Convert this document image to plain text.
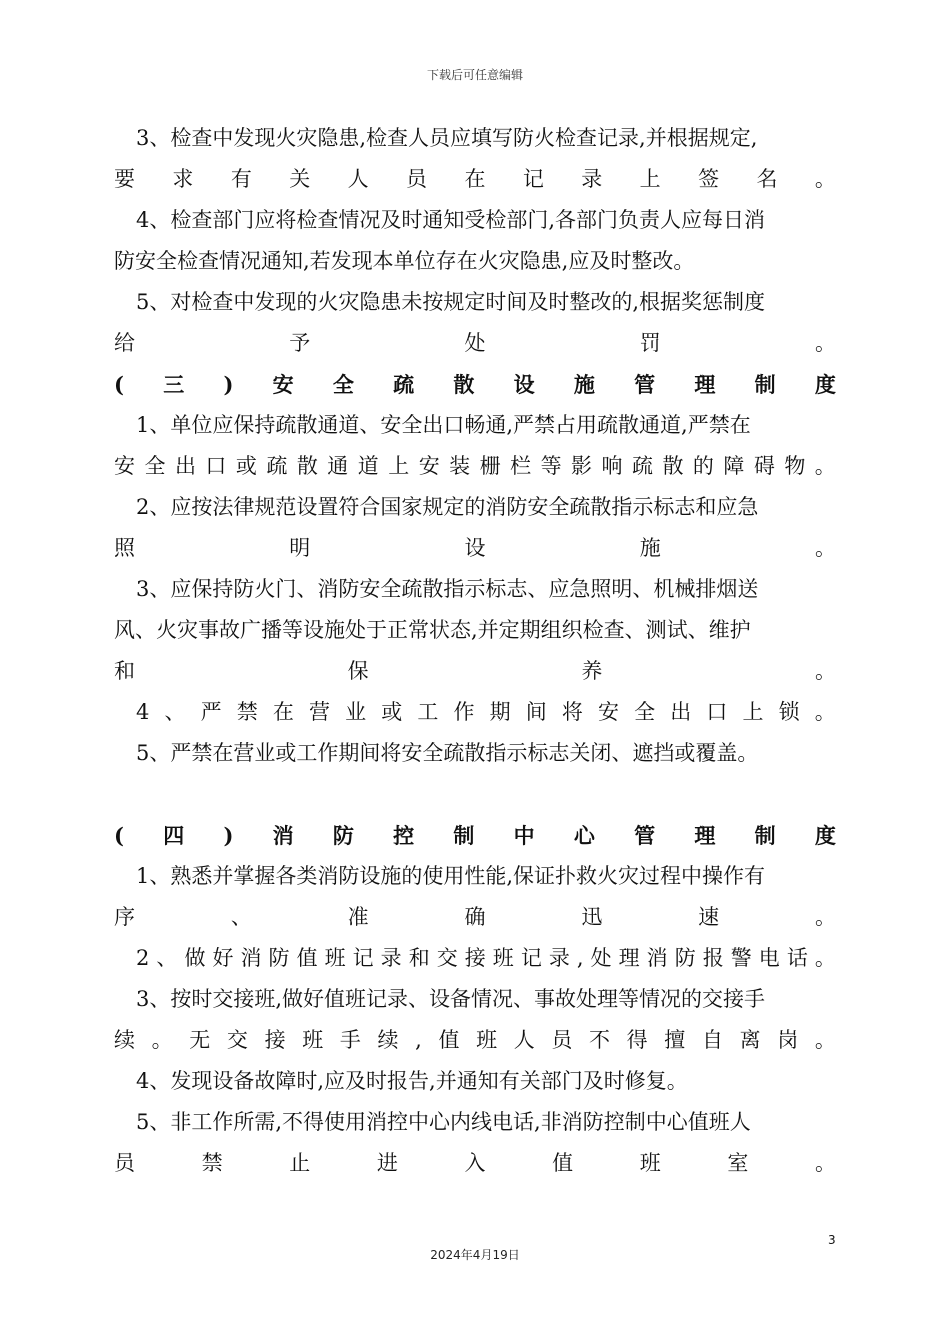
下载后可任意编辑
3、检查中发现火灾隐患,检查人员应填写防火检查记录,并根据规定,
要 求 有 关 人 员 在 记 录 上 签 名 。
4、检查部门应将检查情况及时通知受检部门,各部门负责人应每日消
防安全检查情况通知,若发现本单位存在火灾隐患,应及时整改。
5、对检查中发现的火灾隐患未按规定时间及时整改的,根据奖惩制度
给	予	处	罚	。
( 三 ) 安 全 疏 散 设 施 管 理 制 度
1、单位应保持疏散通道、安全出口畅通,严禁占用疏散通道,严禁在
安 全 出 口 或 疏 散 通 道 上 安 装 栅 栏 等 影 响 疏 散 的 障 碍 物 。
2、应按法律规范设置符合国家规定的消防安全疏散指示标志和应急
照	明	设	施	。
3、应保持防火门、消防安全疏散指示标志、应急照明、机械排烟送
风、火灾事故广播等设施处于正常状态,并定期组织检查、测试、维护
和	保	养	。
4 、 严 禁 在 营 业 或 工 作 期 间 将 安 全 出 口 上 锁 。
5、严禁在营业或工作期间将安全疏散指示标志关闭、遮挡或覆盖。
( 四 ) 消 防 控 制 中 心 管 理 制 度
1、熟悉并掌握各类消防设施的使用性能,保证扑救火灾过程中操作有
序	、	准	确	迅	速	。
2 、 做 好 消 防 值 班 记 录 和 交 接 班 记 录 , 处 理 消 防 报 警 电 话 。
3、按时交接班,做好值班记录、设备情况、事故处理等情况的交接手
续 。 无 交 接 班 手 续 , 值 班 人 员 不 得 擅 自 离 岗 。
4、发现设备故障时,应及时报告,并通知有关部门及时修复。
5、非工作所需,不得使用消控中心内线电话,非消防控制中心值班人
员	禁	止	进	入	值	班	室	。
3
2024年4月19日
